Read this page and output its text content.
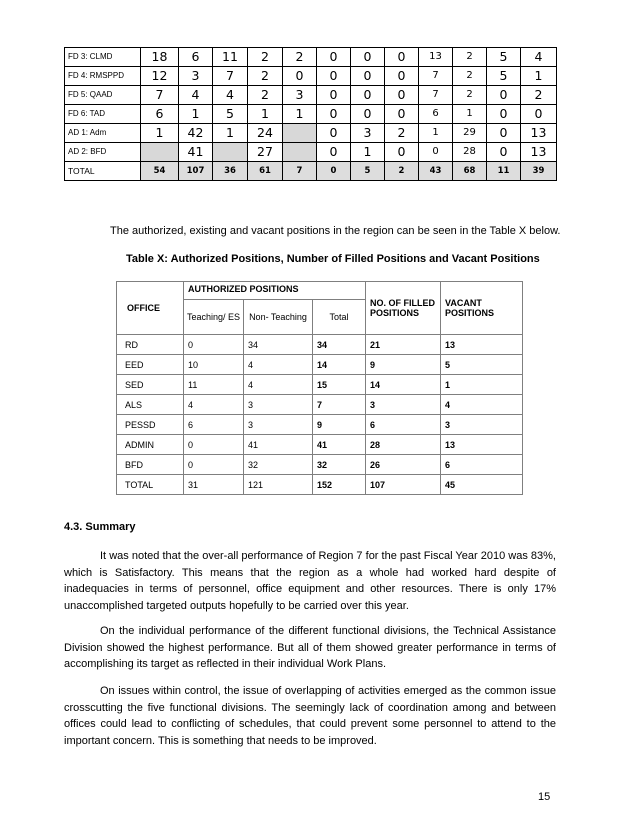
FD 3: CLMD	18	6	11	2	2	0	0	0	13	2	5	4
FD 4: RMSPPD	12	3	7	2	0	0	0	0	7	2	5	1
FD 5: QAAD	7	4	4	2	3	0	0	0	7	2	0	2
FD 6: TAD	6	1	5	1	1	0	0	0	6	1	0	0
AD 1: Adm	1	42	1	24		0	3	2	1	29	0	13
AD 2: BFD		41		27		0	1	0	0	28	0	13
TOTAL	54	107	36	61	7	0	5	2	43	68	11	39
The authorized, existing and vacant positions in the region can be seen in the Table X below.
Table X: Authorized Positions, Number of Filled Positions and Vacant Positions
OFFICE	AUTHORIZED POSITIONS			NO. OF FILLED POSITIONS	VACANT POSITIONS
	Teaching/ ES	Non- Teaching	Total		
RD	0	34	34	21	13
EED	10	4	14	9	5
SED	11	4	15	14	1
ALS	4	3	7	3	4
PESSD	6	3	9	6	3
ADMIN	0	41	41	28	13
BFD	0	32	32	26	6
TOTAL	31	121	152	107	45
4.3. Summary

It was noted that the over-all performance of Region 7 for the past Fiscal Year 2010 was 83%, which is Satisfactory. This means that the region as a whole had worked hard despite of inadequacies in terms of personnel, office equipment and other resources. There is only 17% unaccomplished targeted outputs hopefully to be carried over this year.

On the individual performance of the different functional divisions, the Technical Assistance Division showed the highest performance. But all of them showed greater performance in terms of accomplishing its target as reflected in their individual Work Plans.

On issues within control, the issue of overlapping of activities emerged as the common issue crosscutting the five functional divisions. The seemingly lack of coordination among and between offices could lead to conflicting of schedules, that could prevent some personnel to attend to the important concern. This is something that needs to be improved.

15
